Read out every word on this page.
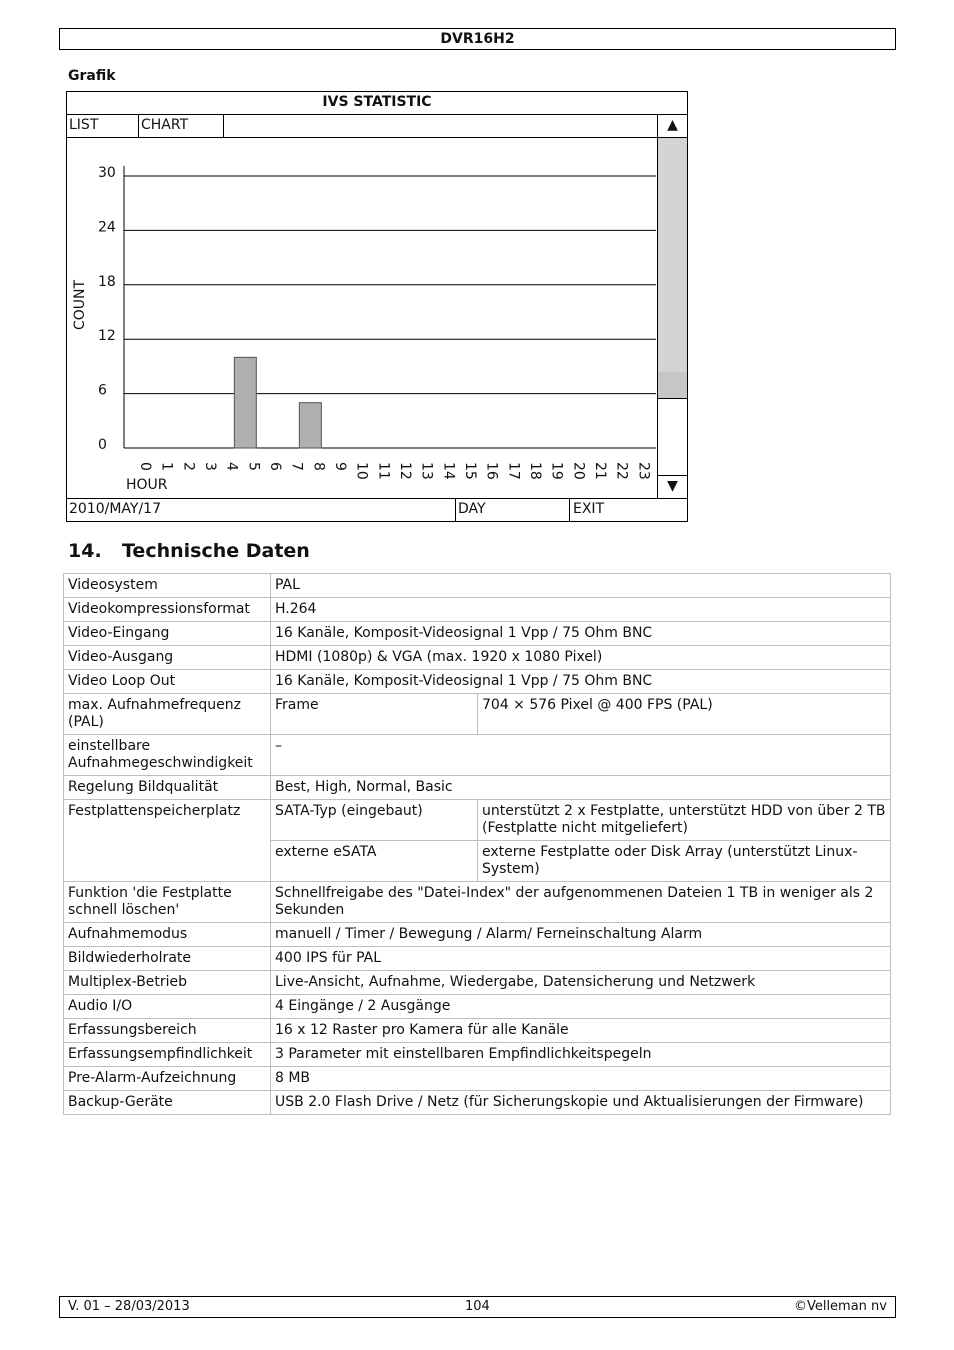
DVR16H2
Grafik
IVS STATISTIC
LIST	CHART	▲
▼
0
6
12
18
24
30
0 1 2 3 4 5 6 7 8 9 10 11 12 13 14 15 16 17 18 19 20 21 22 23
HOUR
COUNT
2010/MAY/17	DAY	EXIT
14. Technische Daten
Videosystem	PAL	
Videokompressionsformat	H.264	
Video-Eingang	16 Kanäle, Komposit-Videosignal 1 Vpp / 75 Ohm BNC	
Video-Ausgang	HDMI (1080p) & VGA (max. 1920 x 1080 Pixel)	
Video Loop Out	16 Kanäle, Komposit-Videosignal 1 Vpp / 75 Ohm BNC	
max. Aufnahmefrequenz (PAL)	Frame	704 × 576 Pixel @ 400 FPS (PAL)
einstellbare Aufnahmegeschwindigkeit	–	
Regelung Bildqualität	Best, High, Normal, Basic	
Festplattenspeicherplatz	SATA-Typ (eingebaut)	unterstützt 2 x Festplatte, unterstützt HDD von über 2 TB (Festplatte nicht mitgeliefert)
	externe eSATA	externe Festplatte oder Disk Array (unterstützt Linux-System)
Funktion 'die Festplatte schnell löschen'	Schnellfreigabe des "Datei-Index" der aufgenommenen Dateien 1 TB in weniger als 2 Sekunden	
Aufnahmemodus	manuell / Timer / Bewegung / Alarm/ Ferneinschaltung Alarm	
Bildwiederholrate	400 IPS für PAL	
Multiplex-Betrieb	Live-Ansicht, Aufnahme, Wiedergabe, Datensicherung und Netzwerk	
Audio I/O	4 Eingänge / 2 Ausgänge	
Erfassungsbereich	16 x 12 Raster pro Kamera für alle Kanäle	
Erfassungsempfindlichkeit	3 Parameter mit einstellbaren Empfindlichkeitspegeln	
Pre-Alarm-Aufzeichnung	8 MB	
Backup-Geräte	USB 2.0 Flash Drive / Netz (für Sicherungskopie und Aktualisierungen der Firmware)	
V. 01 – 28/03/2013	104	©Velleman nv
